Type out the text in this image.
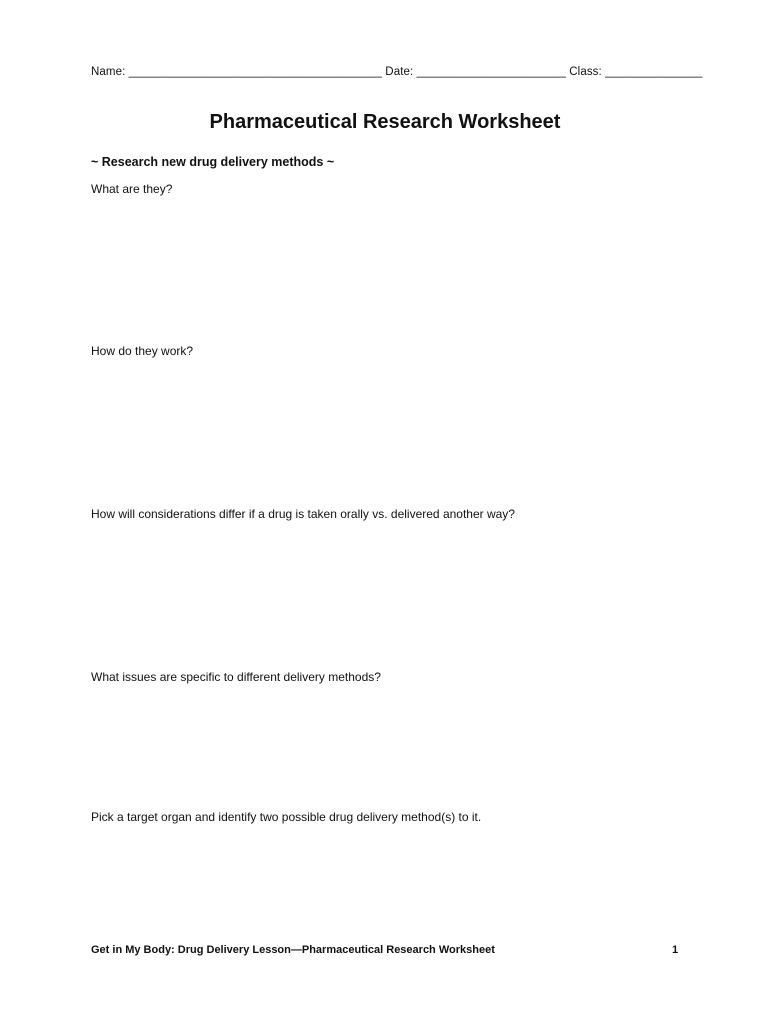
Name: _______________________________________ Date: _______________________ Class: _______________
Pharmaceutical Research Worksheet
~ Research new drug delivery methods ~
What are they?
How do they work?
How will considerations differ if a drug is taken orally vs. delivered another way?
What issues are specific to different delivery methods?
Pick a target organ and identify two possible drug delivery method(s) to it.
Get in My Body: Drug Delivery Lesson—Pharmaceutical Research Worksheet	1
